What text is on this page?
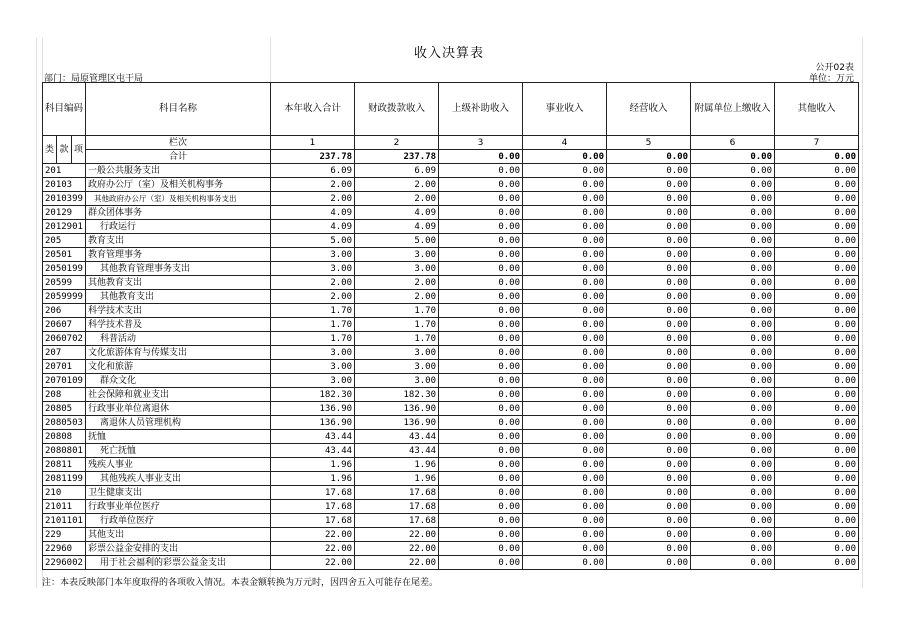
收入决算表
公开02表
部门：局原管理区屯干局	单位：万元
科目编码			科目名称	本年收入合计	财政拨款收入	上级补助收入	事业收入	经营收入	附属单位上缴收入	其他收入
类	款	项								
			栏次	1	2	3	4	5	6	7
			合计	237.78	237.78	0.00	0.00	0.00	0.00	0.00
201			一般公共服务支出	6.09	6.09	0.00	0.00	0.00	0.00	0.00
20103			政府办公厅（室）及相关机构事务	2.00	2.00	0.00	0.00	0.00	0.00	0.00
2010399			其他政府办公厅（室）及相关机构事务支出	2.00	2.00	0.00	0.00	0.00	0.00	0.00
20129			群众团体事务	4.09	4.09	0.00	0.00	0.00	0.00	0.00
2012901			行政运行	4.09	4.09	0.00	0.00	0.00	0.00	0.00
205			教育支出	5.00	5.00	0.00	0.00	0.00	0.00	0.00
20501			教育管理事务	3.00	3.00	0.00	0.00	0.00	0.00	0.00
2050199			其他教育管理事务支出	3.00	3.00	0.00	0.00	0.00	0.00	0.00
20599			其他教育支出	2.00	2.00	0.00	0.00	0.00	0.00	0.00
2059999			其他教育支出	2.00	2.00	0.00	0.00	0.00	0.00	0.00
206			科学技术支出	1.70	1.70	0.00	0.00	0.00	0.00	0.00
20607			科学技术普及	1.70	1.70	0.00	0.00	0.00	0.00	0.00
2060702			科普活动	1.70	1.70	0.00	0.00	0.00	0.00	0.00
207			文化旅游体育与传媒支出	3.00	3.00	0.00	0.00	0.00	0.00	0.00
20701			文化和旅游	3.00	3.00	0.00	0.00	0.00	0.00	0.00
2070109			群众文化	3.00	3.00	0.00	0.00	0.00	0.00	0.00
208			社会保障和就业支出	182.30	182.30	0.00	0.00	0.00	0.00	0.00
20805			行政事业单位离退休	136.90	136.90	0.00	0.00	0.00	0.00	0.00
2080503			离退休人员管理机构	136.90	136.90	0.00	0.00	0.00	0.00	0.00
20808			抚恤	43.44	43.44	0.00	0.00	0.00	0.00	0.00
2080801			死亡抚恤	43.44	43.44	0.00	0.00	0.00	0.00	0.00
20811			残疾人事业	1.96	1.96	0.00	0.00	0.00	0.00	0.00
2081199			其他残疾人事业支出	1.96	1.96	0.00	0.00	0.00	0.00	0.00
210			卫生健康支出	17.68	17.68	0.00	0.00	0.00	0.00	0.00
21011			行政事业单位医疗	17.68	17.68	0.00	0.00	0.00	0.00	0.00
2101101			行政单位医疗	17.68	17.68	0.00	0.00	0.00	0.00	0.00
229			其他支出	22.00	22.00	0.00	0.00	0.00	0.00	0.00
22960			彩票公益金安排的支出	22.00	22.00	0.00	0.00	0.00	0.00	0.00
2296002			用于社会福利的彩票公益金支出	22.00	22.00	0.00	0.00	0.00	0.00	0.00
注：本表反映部门本年度取得的各项收入情况。本表金额转换为万元时，因四舍五入可能存在尾差。
